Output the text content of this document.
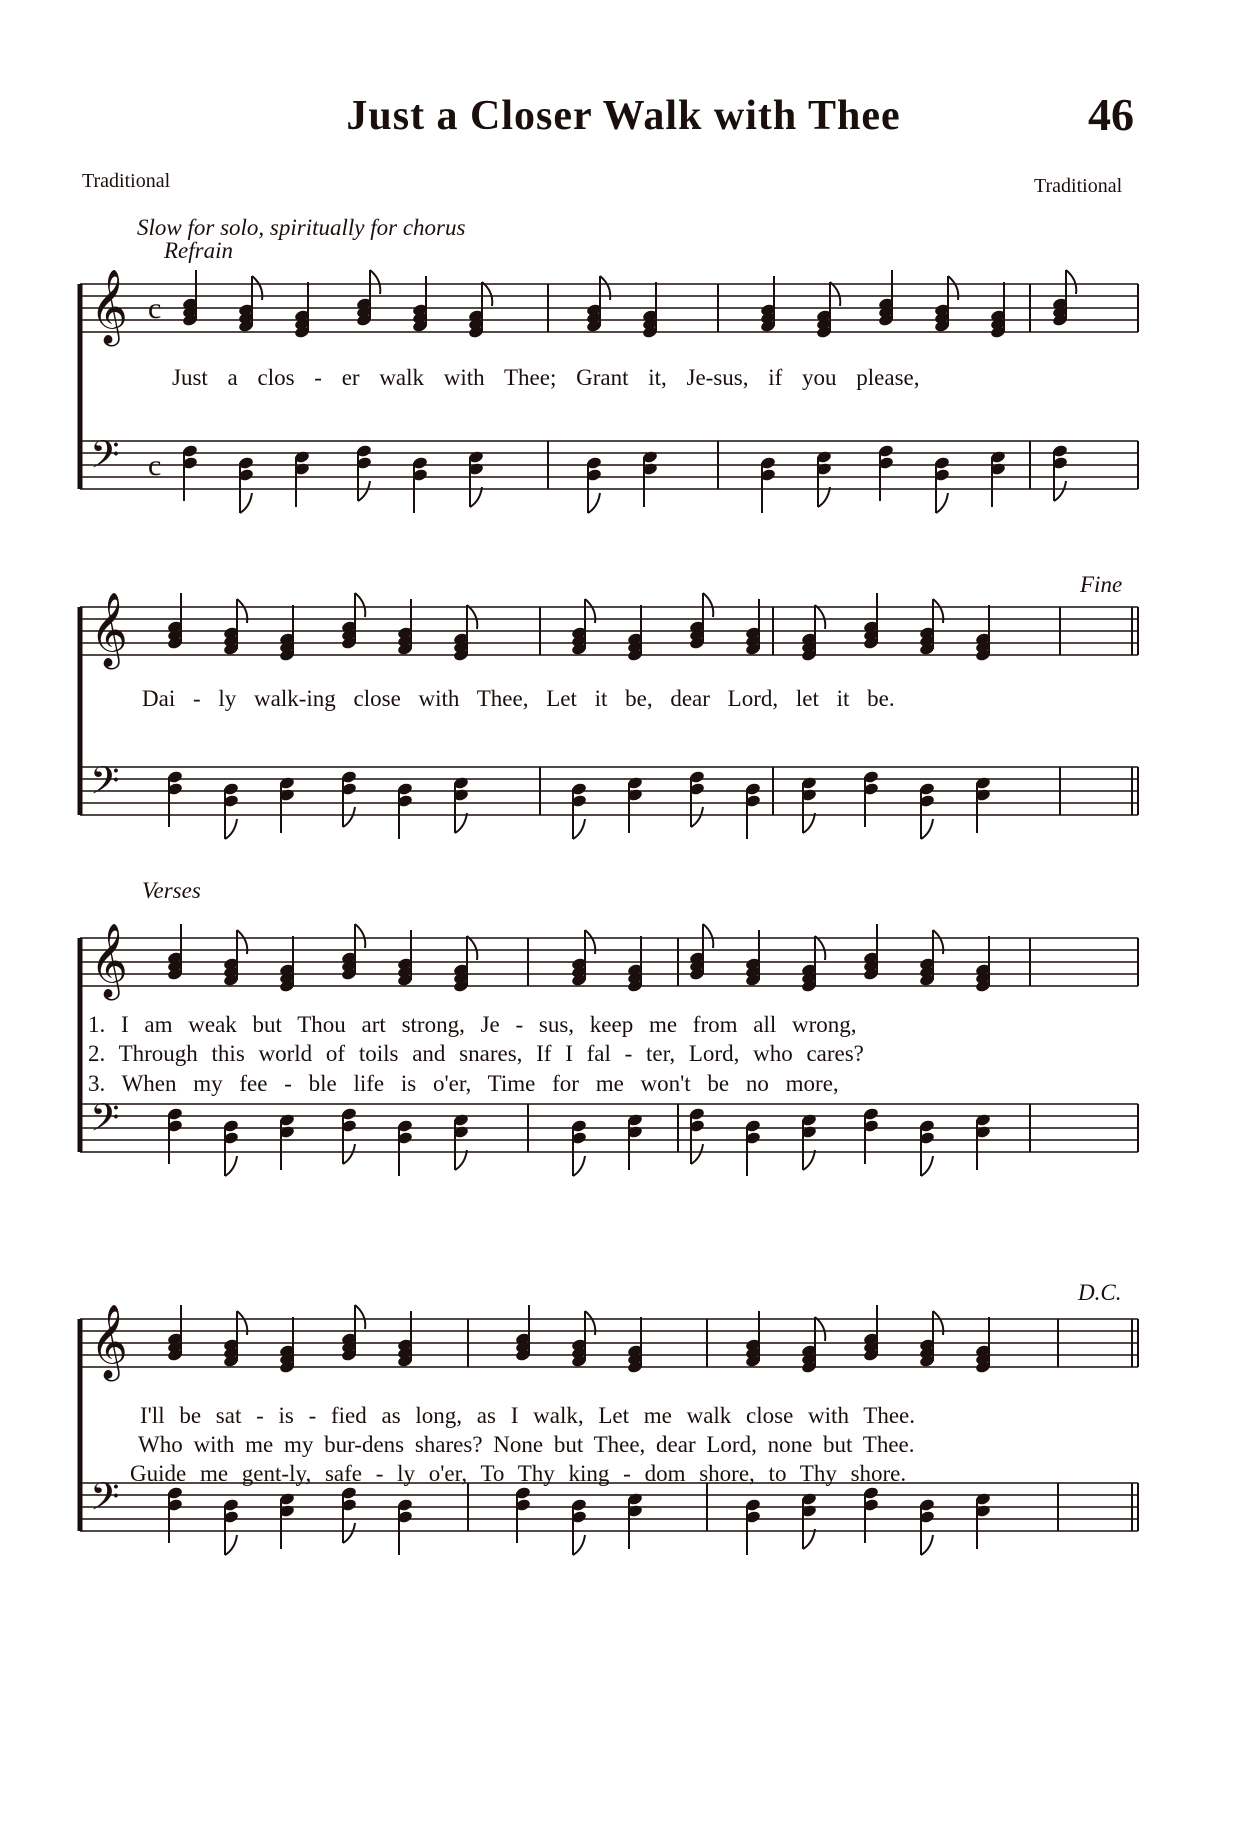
Just a Closer Walk with Thee	46
Traditional	Traditional
Slow for solo, spiritually for chorus
Refrain
Fine
Verses
D.C.
Just a clos - er walk with Thee; Grant it, Je-sus, if you please,
Dai - ly walk-ing close with Thee, Let it be, dear Lord, let it be.
1. I am weak but Thou art strong, Je - sus, keep me from all wrong,
2. Through this world of toils and snares, If I fal - ter, Lord, who cares?
3. When my fee - ble life is o'er, Time for me won't be no more,
I'll be sat - is - fied as long, as I walk, Let me walk close with Thee.
Who with me my bur-dens shares? None but Thee, dear Lord, none but Thee.
Guide me gent-ly, safe - ly o'er, To Thy king - dom shore, to Thy shore.
𝄞 c
𝄢 c
𝄞
𝄢
𝄞
𝄢
𝄞
𝄢
